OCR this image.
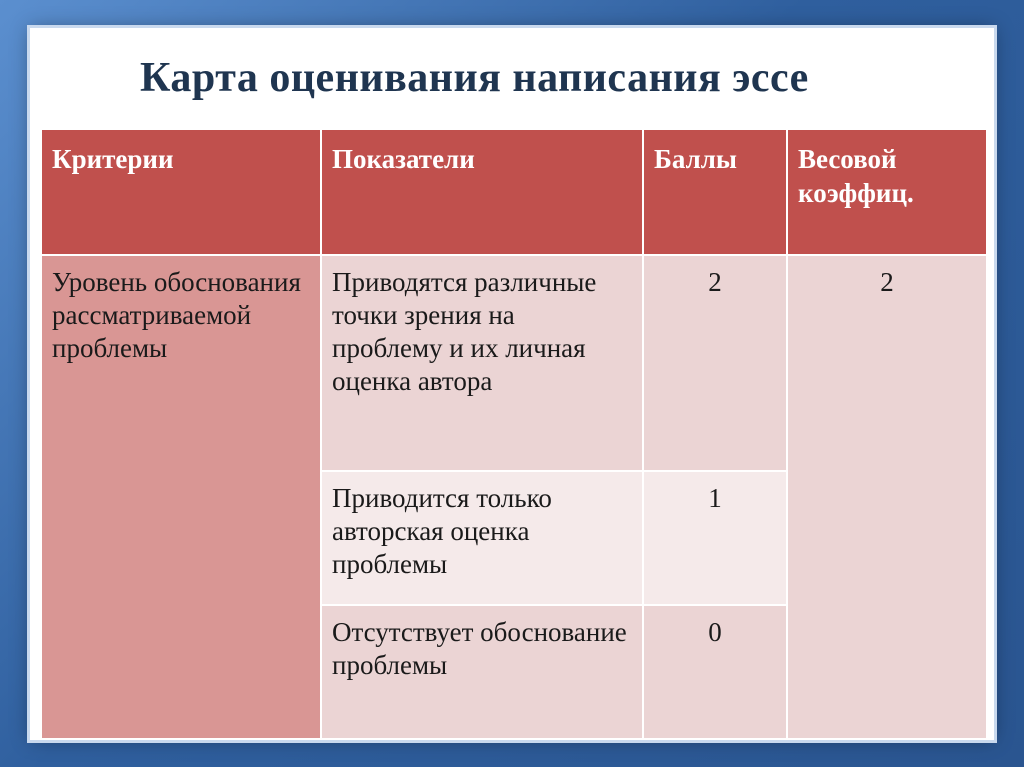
Карта оценивания написания эссе
Критерии	Показатели	Баллы	Весовой коэффиц.
Уровень обоснования рассматриваемой проблемы	Приводятся различные точки зрения на проблему и их личная оценка автора	2	2
	Приводится только авторская оценка проблемы	1	
	Отсутствует обоснование проблемы	0	
